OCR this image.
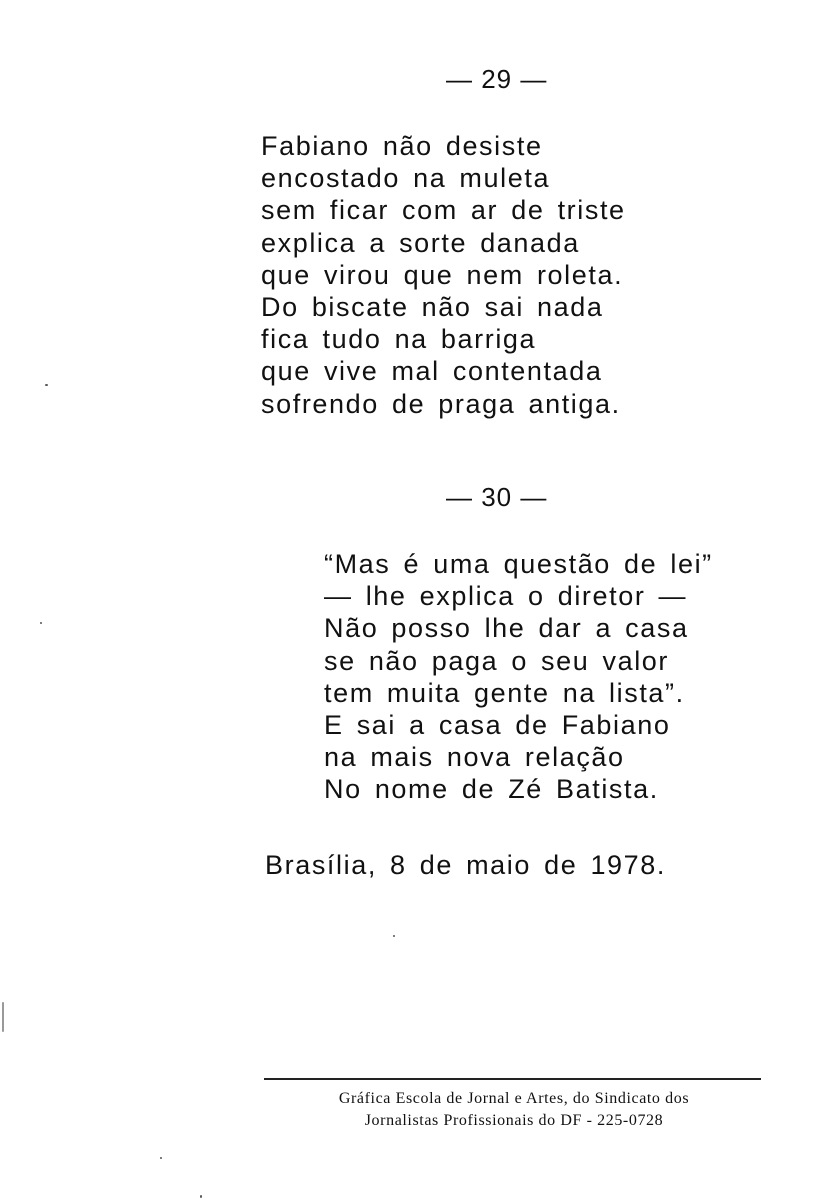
— 29 —
Fabiano não desiste
encostado na muleta
sem ficar com ar de triste
explica a sorte danada
que virou que nem roleta.
Do biscate não sai nada
fica tudo na barriga
que vive mal contentada
sofrendo de praga antiga.
— 30 —
“Mas é uma questão de lei”
— lhe explica o diretor —
Não posso lhe dar a casa
se não paga o seu valor
tem muita gente na lista”.
E sai a casa de Fabiano
na mais nova relação
No nome de Zé Batista.
Brasília, 8 de maio de 1978.
Gráfica Escola de Jornal e Artes, do Sindicato dos
Jornalistas Profissionais do DF - 225-0728
